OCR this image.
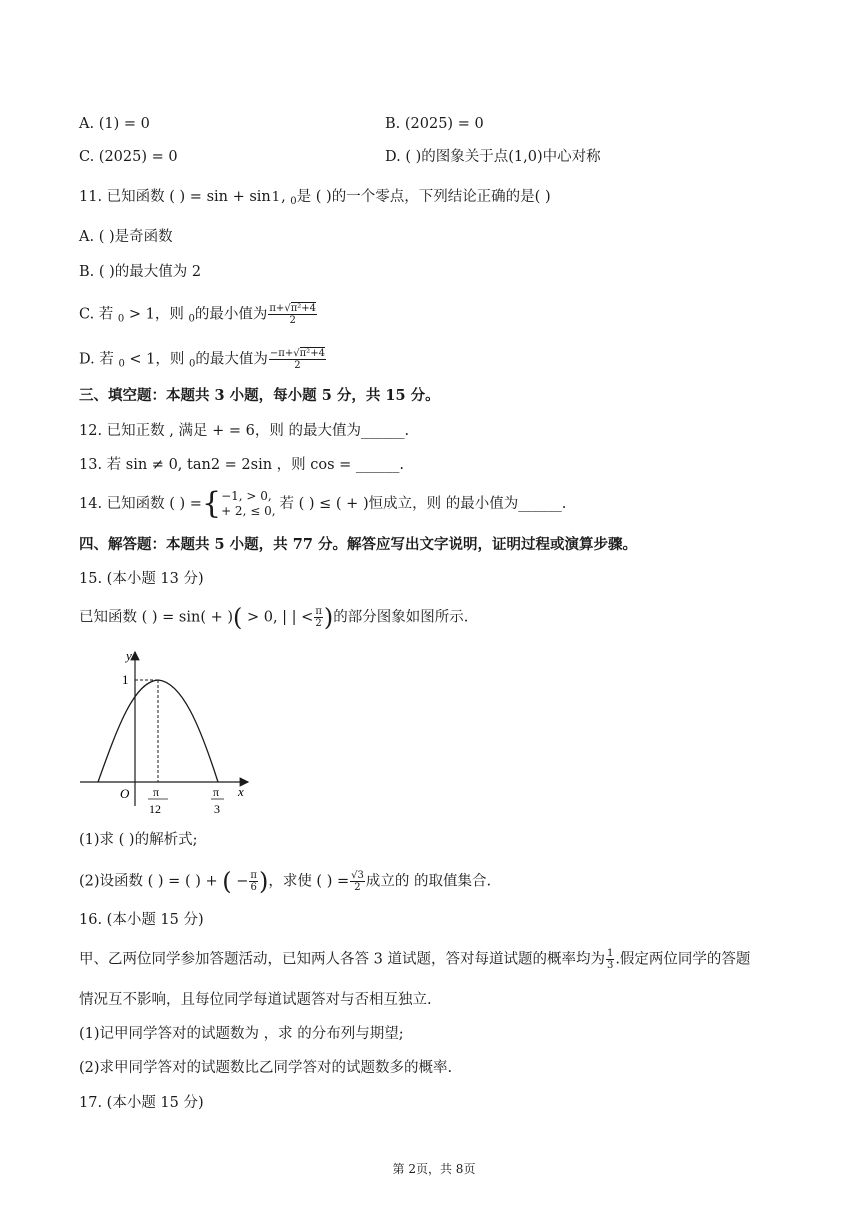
A. (1) = 0	B. (2025) = 0
C. (2025) = 0	D. ( )的图象关于点(1,0)中心对称
11. 已知函数 ( ) = sin + sin 1 , $_0$是 ( )的一个零点，下列结论正确的是( )
A. ( )是奇函数
B. ( )的最大值为 2
C. 若 $_0$ > 1，则 $_0$的最小值为 $\frac{\text{π+√π²+4}}{2}$
D. 若 $_0$ < 1，则 $_0$的最大值为 $\frac{\text{−π+√π²+4}}{2}$
三、填空题：本题共 3 小题，每小题 5 分，共 15 分。
12. 已知正数 , 满足 + = 6，则 的最大值为______.
13. 若 sin ≠ 0, tan2 = 2sin ，则 cos = ______.
14. 已知函数 ( ) ={ −1, > 0,
+ 2, ≤ 0, 若 ( ) ≤ ( + )恒成立，则 的最小值为______.
四、解答题：本题共 5 小题，共 77 分。解答应写出文字说明，证明过程或演算步骤。
15. (本小题 13 分)
已知函数 ( ) = sin( + )( > 0, | | < $\frac{\pi}{2}$ )的部分图象如图所示.
y
x
O
1
π
12
π
3
(1)求 ( )的解析式;
(2)设函数 ( ) = ( ) + ( − $\frac{\pi}{6}$ )，求使 ( ) = $\frac{√3}{2}$ 成立的 的取值集合.
16. (本小题 15 分)
甲、乙两位同学参加答题活动，已知两人各答 3 道试题，答对每道试题的概率均为 $\frac{1}{3}$ .假定两位同学的答题
情况互不影响，且每位同学每道试题答对与否相互独立.
(1)记甲同学答对的试题数为 ，求 的分布列与期望;
(2)求甲同学答对的试题数比乙同学答对的试题数多的概率.
17. (本小题 15 分)
第 2页，共 8页
